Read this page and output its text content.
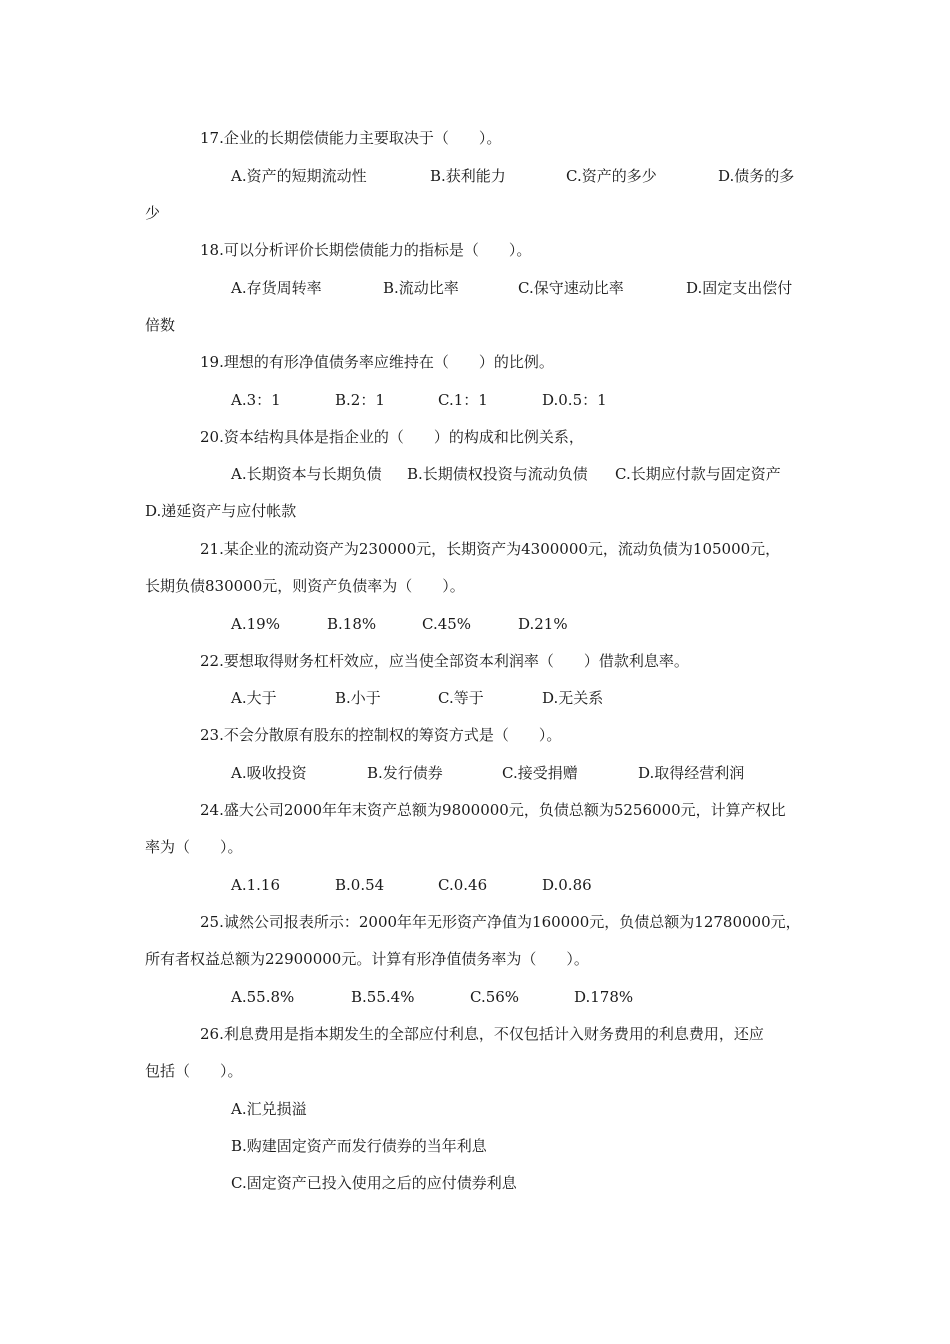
17.企业的长期偿债能力主要取决于（　　）。
A.资产的短期流动性	B.获利能力	C.资产的多少	D.债务的多
少
18.可以分析评价长期偿债能力的指标是（　　）。
A.存货周转率	B.流动比率	C.保守速动比率	D.固定支出偿付
倍数
19.理想的有形净值债务率应维持在（　　）的比例。
A.3：1	B.2：1	C.1：1	D.0.5：1
20.资本结构具体是指企业的（　　）的构成和比例关系，
A.长期资本与长期负债 B.长期债权投资与流动负债 C.长期应付款与固定资产
D.递延资产与应付帐款
21.某企业的流动资产为230000元，长期资产为4300000元，流动负债为105000元，
长期负债830000元，则资产负债率为（　　）。
A.19%	B.18%	C.45%	D.21%
22.要想取得财务杠杆效应，应当使全部资本利润率（　　）借款利息率。
A.大于	B.小于	C.等于	D.无关系
23.不会分散原有股东的控制权的筹资方式是（　　）。
A.吸收投资	B.发行债券	C.接受捐赠	D.取得经营利润
24.盛大公司2000年年末资产总额为9800000元，负债总额为5256000元，计算产权比
率为（　　）。
A.1.16	B.0.54	C.0.46	D.0.86
25.诚然公司报表所示：2000年年无形资产净值为160000元，负债总额为12780000元，
所有者权益总额为22900000元。计算有形净值债务率为（　　）。
A.55.8%	B.55.4%	C.56%	D.178%
26.利息费用是指本期发生的全部应付利息，不仅包括计入财务费用的利息费用，还应
包括（　　）。
A.汇兑损溢
B.购建固定资产而发行债券的当年利息
C.固定资产已投入使用之后的应付债券利息
